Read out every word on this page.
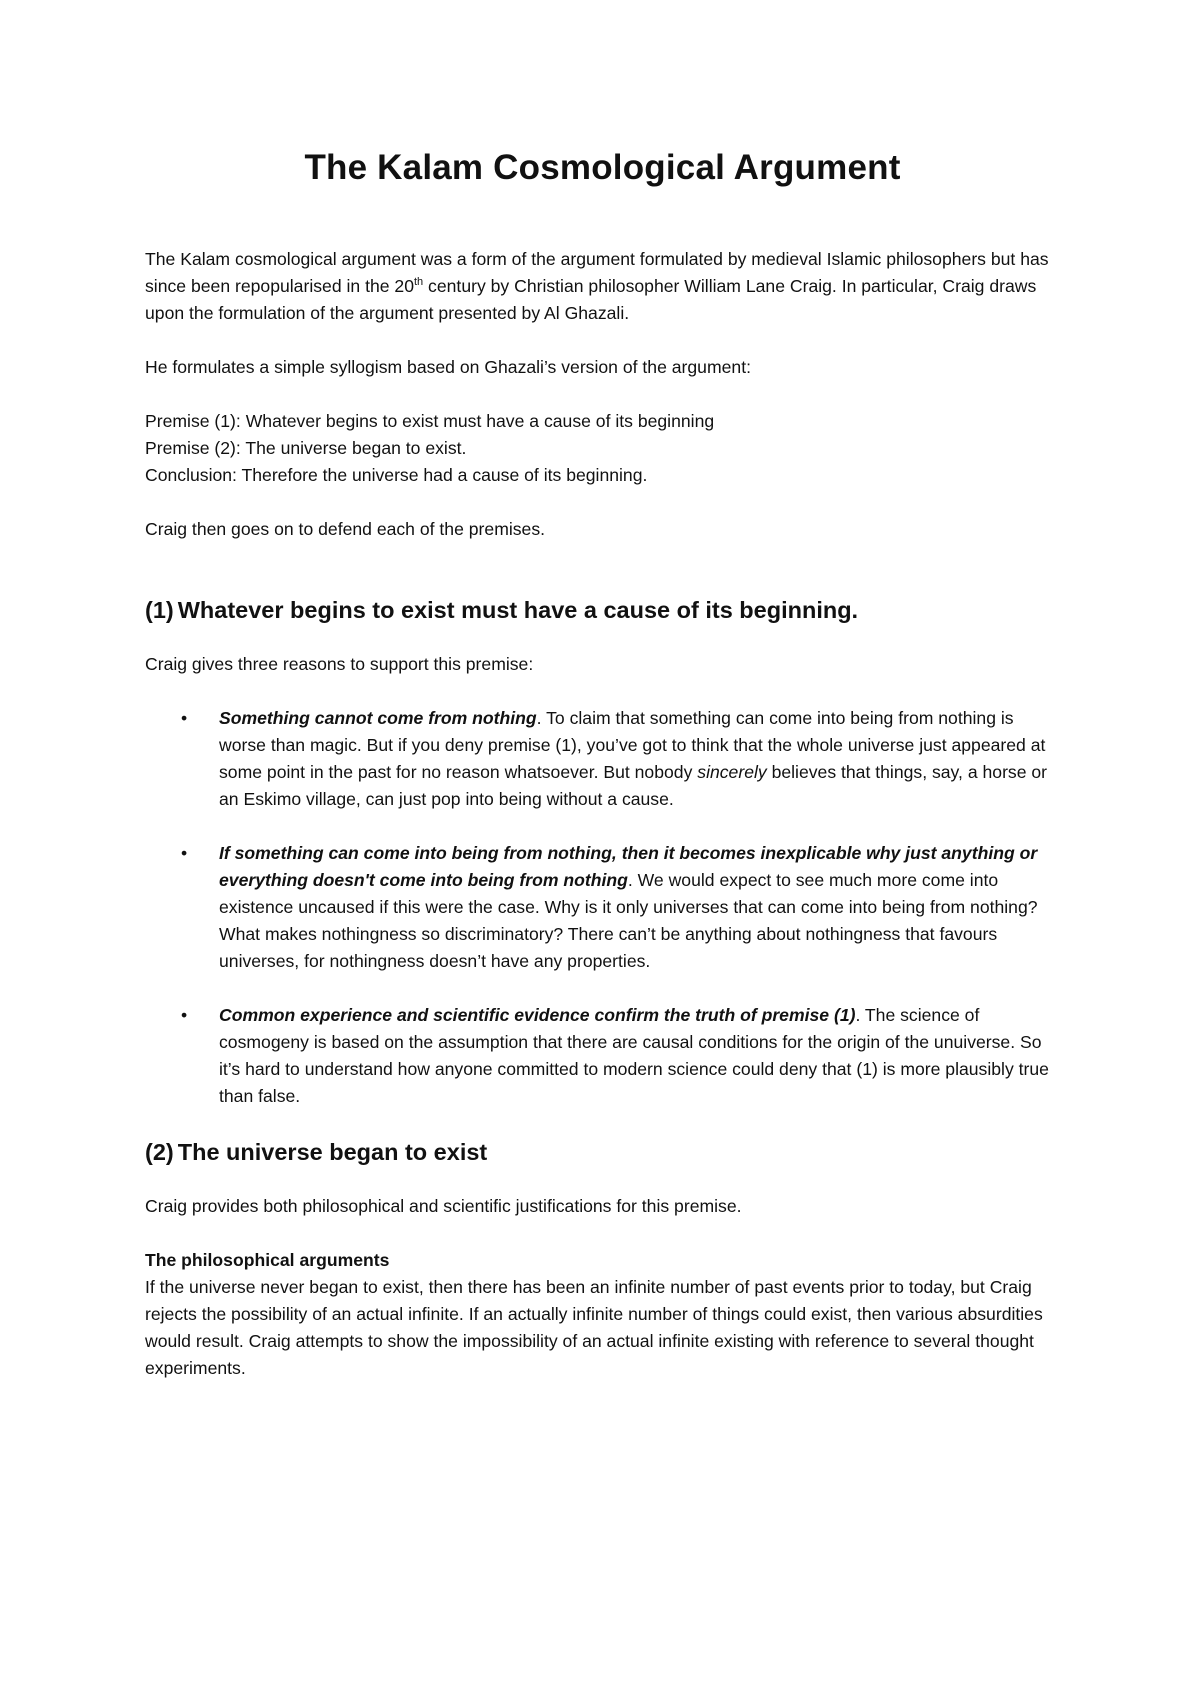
The Kalam Cosmological Argument

The Kalam cosmological argument was a form of the argument formulated by medieval Islamic philosophers but has since been repopularised in the 20th century by Christian philosopher William Lane Craig. In particular, Craig draws upon the formulation of the argument presented by Al Ghazali.

He formulates a simple syllogism based on Ghazali’s version of the argument:

Premise (1): Whatever begins to exist must have a cause of its beginning

Premise (2): The universe began to exist.

Conclusion: Therefore the universe had a cause of its beginning.

Craig then goes on to defend each of the premises.

(1) Whatever begins to exist must have a cause of its beginning.

Craig gives three reasons to support this premise:

• Something cannot come from nothing. To claim that something can come into being from nothing is worse than magic. But if you deny premise (1), you’ve got to think that the whole universe just appeared at some point in the past for no reason whatsoever. But nobody sincerely believes that things, say, a horse or an Eskimo village, can just pop into being without a cause.
• If something can come into being from nothing, then it becomes inexplicable why just anything or everything doesn't come into being from nothing. We would expect to see much more come into existence uncaused if this were the case. Why is it only universes that can come into being from nothing? What makes nothingness so discriminatory? There can’t be anything about nothingness that favours universes, for nothingness doesn’t have any properties.
• Common experience and scientific evidence confirm the truth of premise (1). The science of cosmogeny is based on the assumption that there are causal conditions for the origin of the unuiverse. So it’s hard to understand how anyone committed to modern science could deny that (1) is more plausibly true than false.
(2) The universe began to exist

Craig provides both philosophical and scientific justifications for this premise.

The philosophical arguments

If the universe never began to exist, then there has been an infinite number of past events prior to today, but Craig rejects the possibility of an actual infinite. If an actually infinite number of things could exist, then various absurdities would result. Craig attempts to show the impossibility of an actual infinite existing with reference to several thought experiments.
